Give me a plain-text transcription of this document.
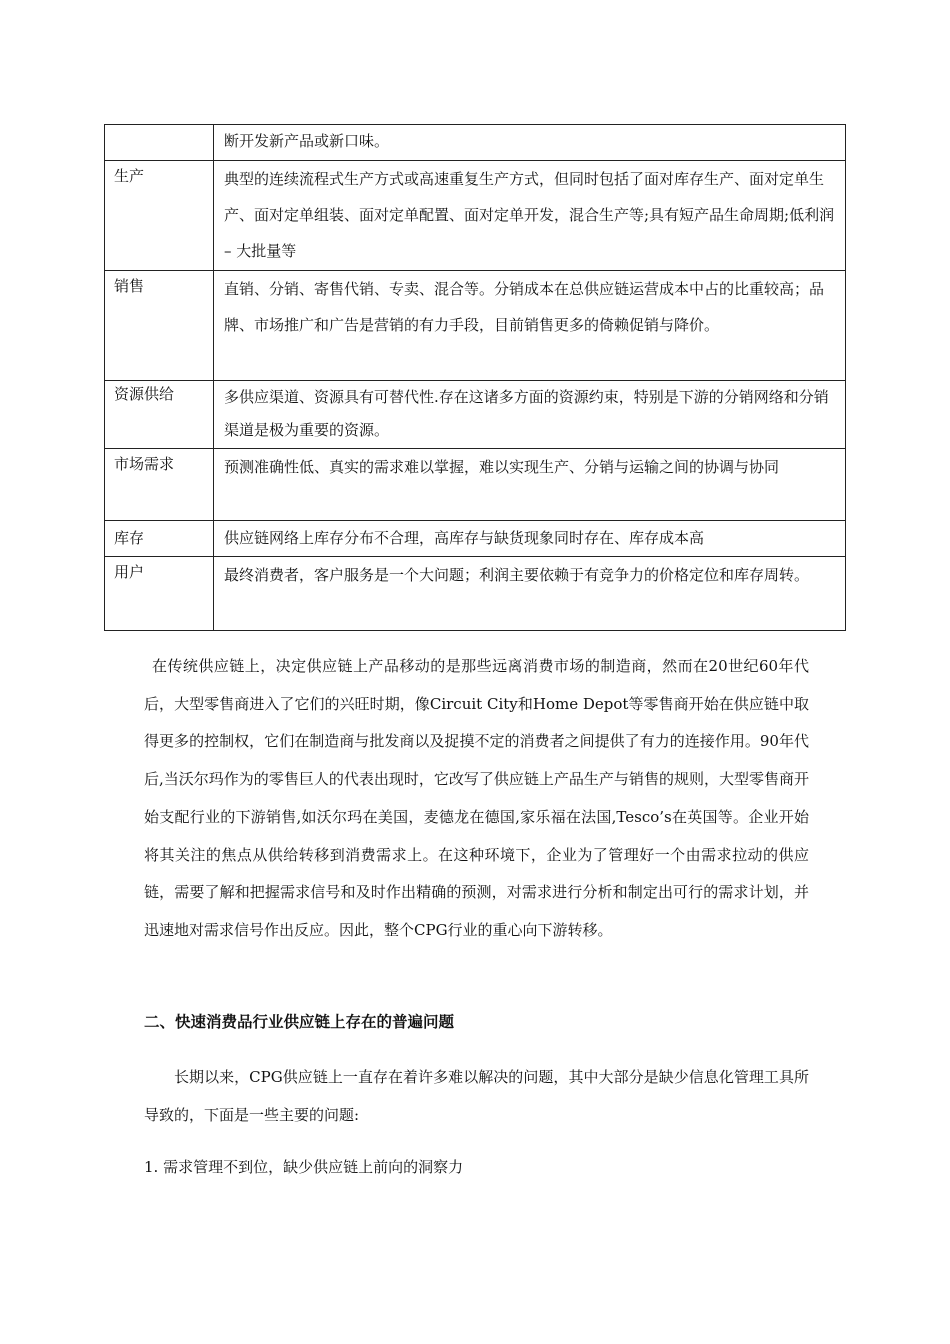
	断开发新产品或新口味。
生产	典型的连续流程式生产方式或高速重复生产方式，但同时包括了面对库存生产、面对定单生产、面对定单组装、面对定单配置、面对定单开发，混合生产等;具有短产品生命周期;低利润 – 大批量等
销售	直销、分销、寄售代销、专卖、混合等。分销成本在总供应链运营成本中占的比重较高；品牌、市场推广和广告是营销的有力手段，目前销售更多的倚赖促销与降价。
资源供给	多供应渠道、资源具有可替代性.存在这诸多方面的资源约束，特别是下游的分销网络和分销渠道是极为重要的资源。
市场需求	预测准确性低、真实的需求难以掌握，难以实现生产、分销与运输之间的协调与协同
库存	供应链网络上库存分布不合理，高库存与缺货现象同时存在、库存成本高
用户	最终消费者，客户服务是一个大问题；利润主要依赖于有竞争力的价格定位和库存周转。
在传统供应链上，决定供应链上产品移动的是那些远离消费市场的制造商，然而在20世纪60年代后，大型零售商进入了它们的兴旺时期，像Circuit City和Home Depot等零售商开始在供应链中取得更多的控制权，它们在制造商与批发商以及捉摸不定的消费者之间提供了有力的连接作用。90年代后,当沃尔玛作为的零售巨人的代表出现时，它改写了供应链上产品生产与销售的规则，大型零售商开始支配行业的下游销售,如沃尔玛在美国，麦德龙在德国,家乐福在法国,Tesco’s在英国等。企业开始将其关注的焦点从供给转移到消费需求上。在这种环境下，企业为了管理好一个由需求拉动的供应链，需要了解和把握需求信号和及时作出精确的预测，对需求进行分析和制定出可行的需求计划，并迅速地对需求信号作出反应。因此，整个CPG行业的重心向下游转移。
二、快速消费品行业供应链上存在的普遍问题
长期以来，CPG供应链上一直存在着许多难以解决的问题，其中大部分是缺少信息化管理工具所导致的，下面是一些主要的问题:
1. 需求管理不到位，缺少供应链上前向的洞察力
